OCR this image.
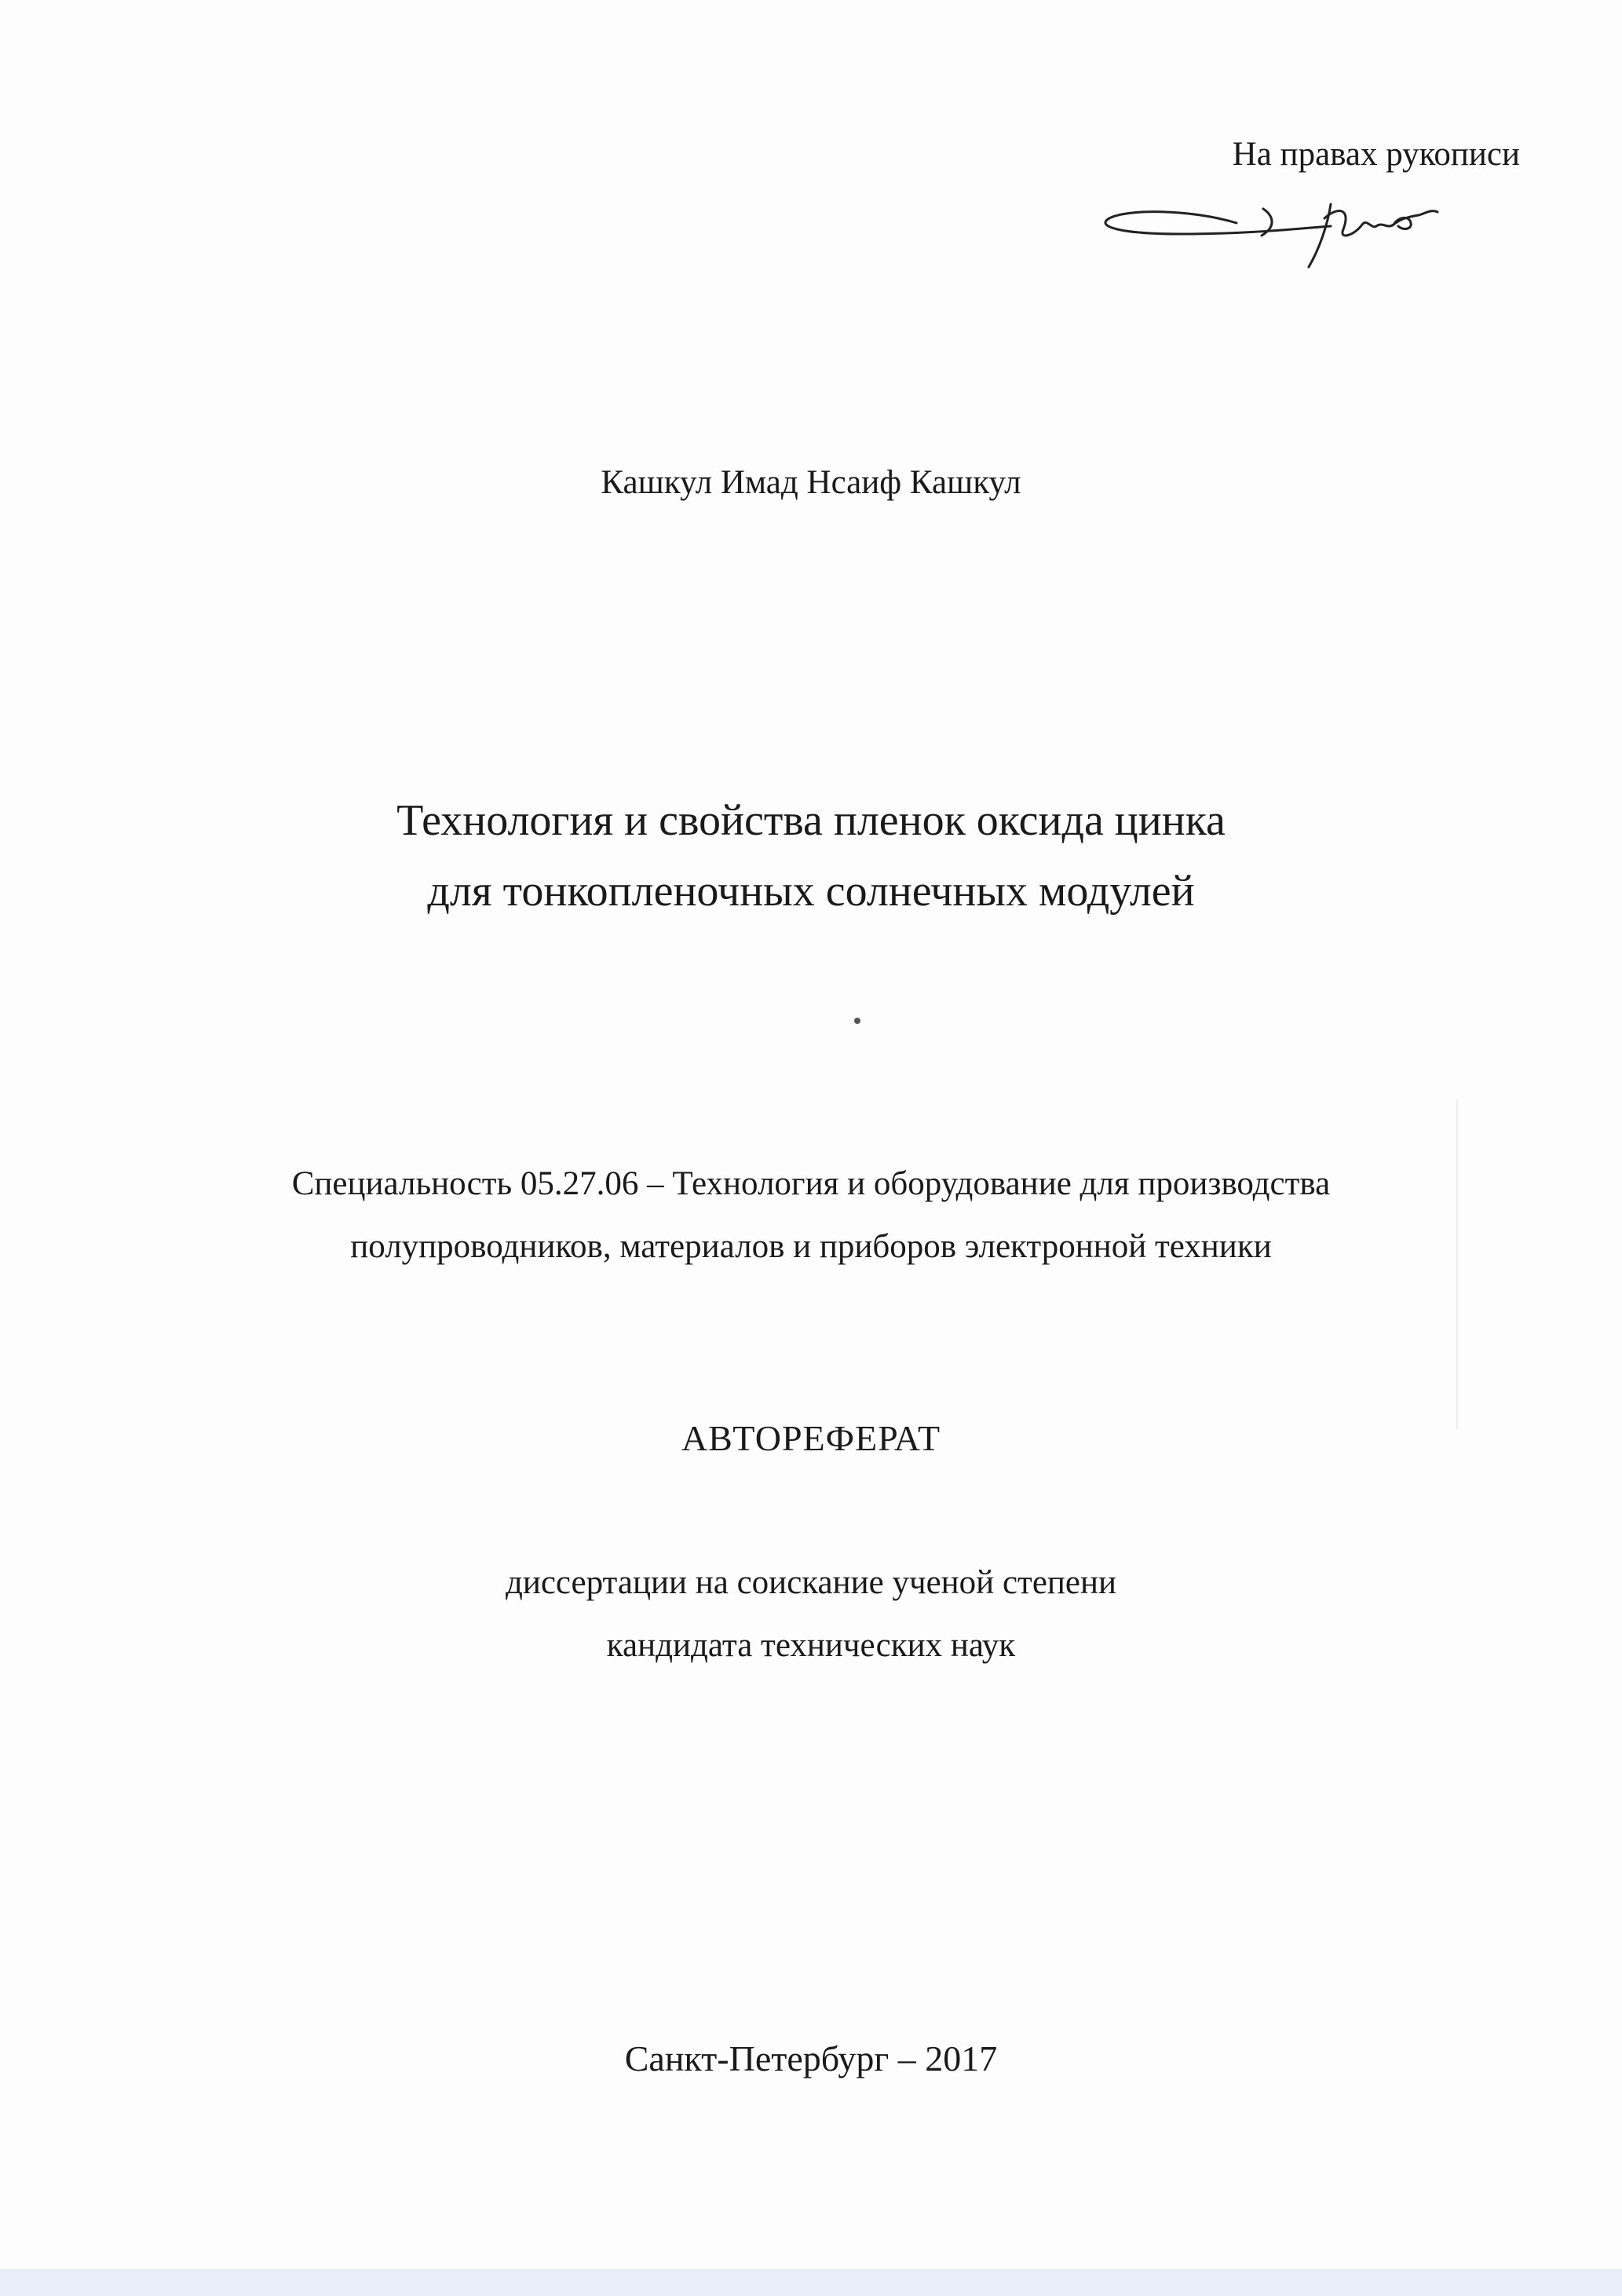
На правах рукописи
Кашкул Имад Нсаиф Кашкул
Технология и свойства пленок оксида цинка
для тонкопленочных солнечных модулей
Специальность 05.27.06 – Технология и оборудование для производства
полупроводников, материалов и приборов электронной техники
АВТОРЕФЕРАТ
диссертации на соискание ученой степени
кандидата технических наук
Санкт-Петербург – 2017
